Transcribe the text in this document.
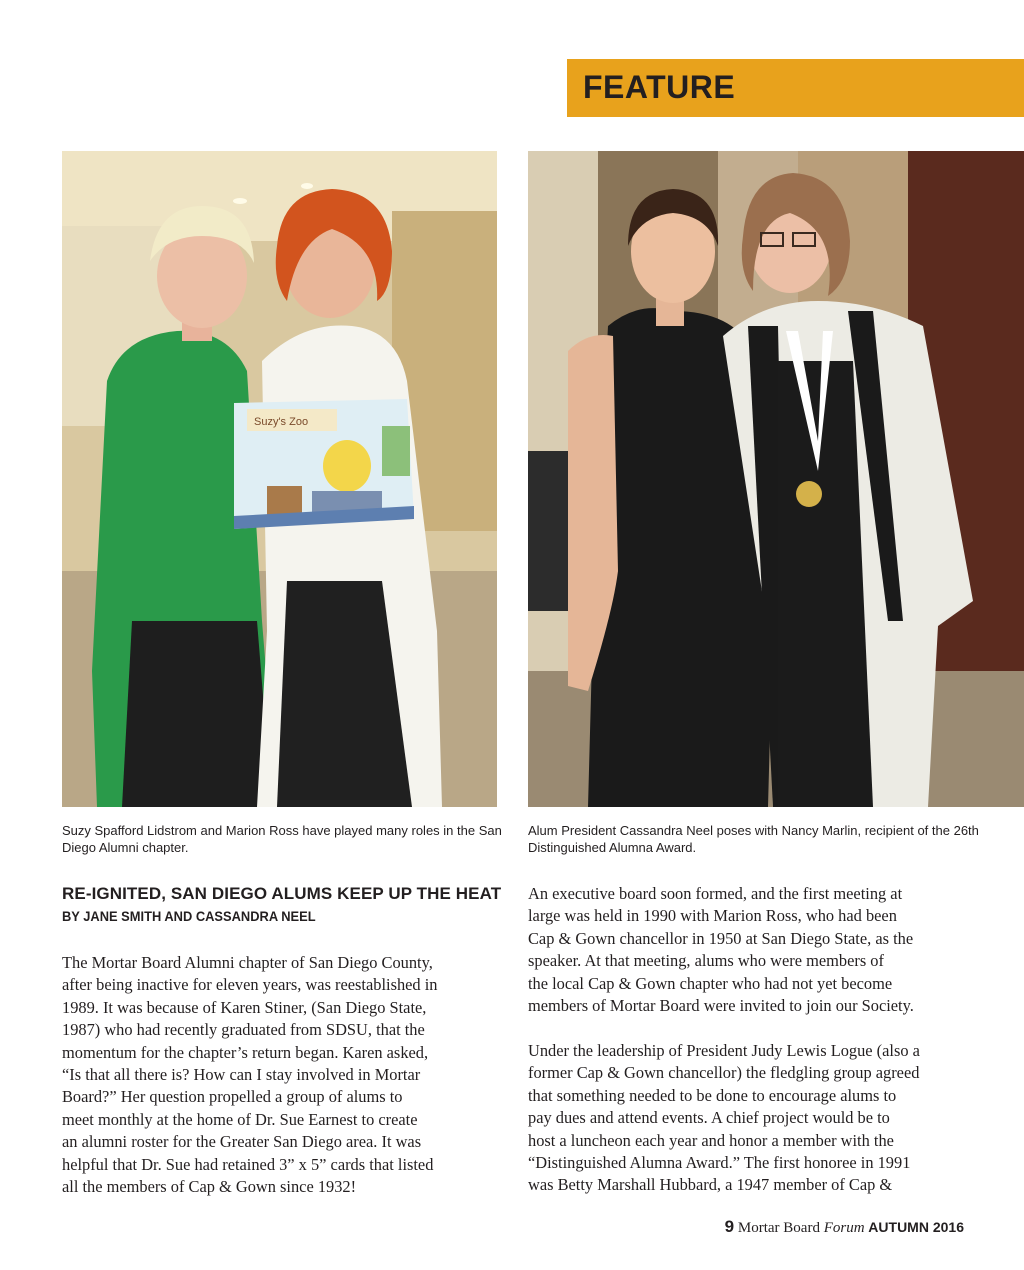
FEATURE
Suzy's Zoo
Suzy Spafford Lidstrom and Marion Ross have played many roles in the San Diego Alumni chapter.
Alum President Cassandra Neel poses with Nancy Marlin, recipient of the 26th Distinguished Alumna Award.
RE-IGNITED, SAN DIEGO ALUMS KEEP UP THE HEAT
BY JANE SMITH AND CASSANDRA NEEL
The Mortar Board Alumni chapter of San Diego County,
after being inactive for eleven years, was reestablished in
1989. It was because of Karen Stiner, (San Diego State,
1987) who had recently graduated from SDSU, that the
momentum for the chapter’s return began. Karen asked,
“Is that all there is? How can I stay involved in Mortar
Board?” Her question propelled a group of alums to
meet monthly at the home of Dr. Sue Earnest to create
an alumni roster for the Greater San Diego area. It was
helpful that Dr. Sue had retained 3” x 5” cards that listed
all the members of Cap & Gown since 1932!
An executive board soon formed, and the first meeting at
large was held in 1990 with Marion Ross, who had been
Cap & Gown chancellor in 1950 at San Diego State, as the
speaker. At that meeting, alums who were members of
the local Cap & Gown chapter who had not yet become
members of Mortar Board were invited to join our Society.
Under the leadership of President Judy Lewis Logue (also a
former Cap & Gown chancellor) the fledgling group agreed
that something needed to be done to encourage alums to
pay dues and attend events. A chief project would be to
host a luncheon each year and honor a member with the
“Distinguished Alumna Award.” The first honoree in 1991
was Betty Marshall Hubbard, a 1947 member of Cap &
9 Mortar Board Forum AUTUMN 2016
